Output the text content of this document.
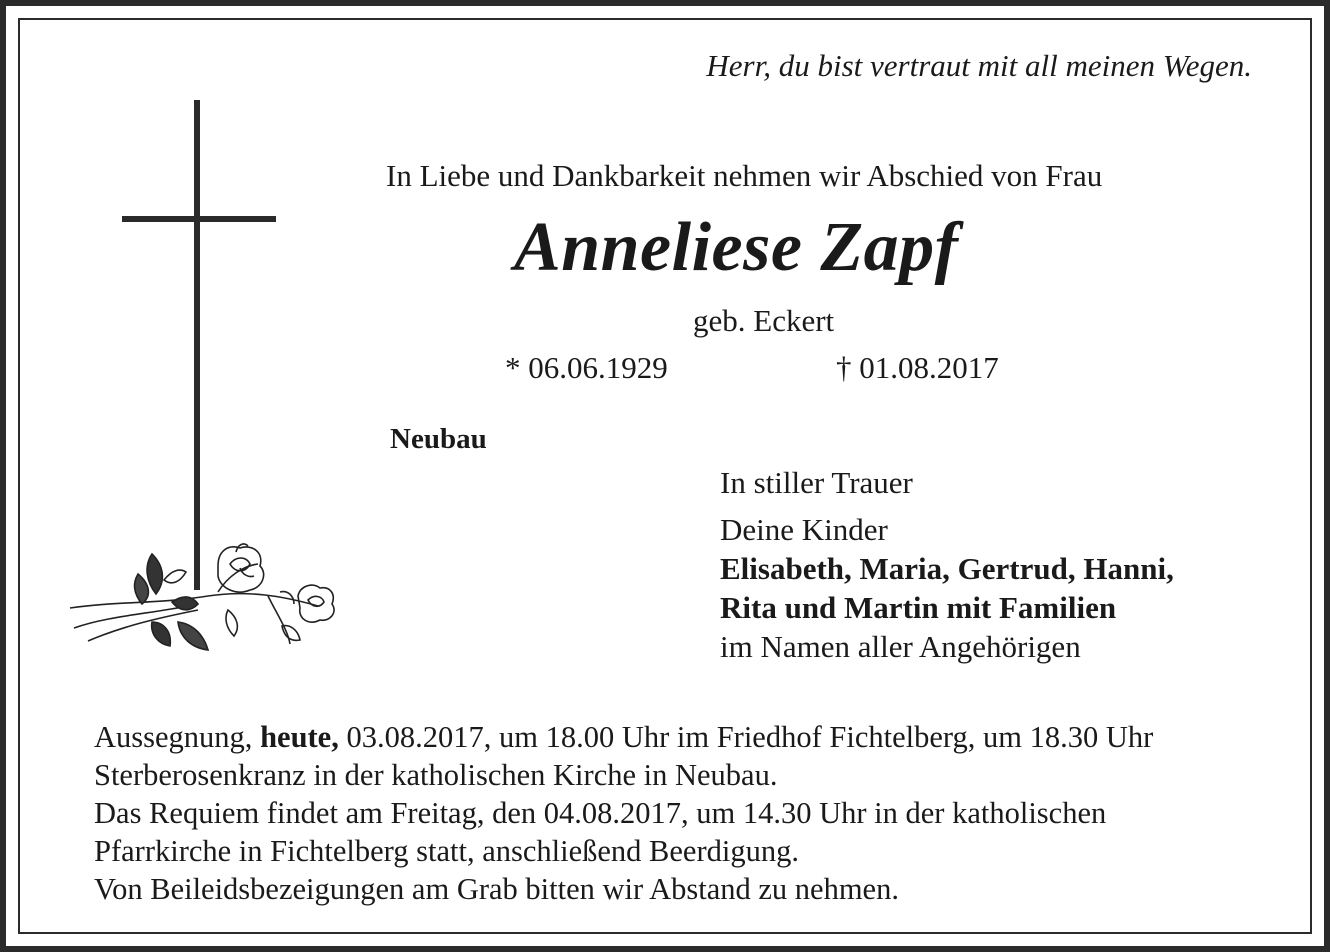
Herr, du bist vertraut mit all meinen Wegen.
In Liebe und Dankbarkeit nehmen wir Abschied von Frau
Anneliese Zapf
geb. Eckert
* 06.06.1929	† 01.08.2017
Neubau
In stiller Trauer
Deine Kinder
Elisabeth, Maria, Gertrud, Hanni,
Rita und Martin mit Familien
im Namen aller Angehörigen
Aussegnung, heute, 03.08.2017, um 18.00 Uhr im Friedhof Fichtelberg, um 18.30 Uhr
Sterberosenkranz in der katholischen Kirche in Neubau.
Das Requiem findet am Freitag, den 04.08.2017, um 14.30 Uhr in der katholischen
Pfarrkirche in Fichtelberg statt, anschließend Beerdigung.
Von Beileidsbezeigungen am Grab bitten wir Abstand zu nehmen.
